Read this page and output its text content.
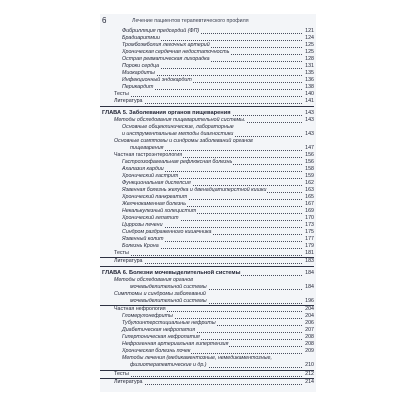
6	Лечение пациентов терапевтического профиля
Фибрилляция предсердий (ФП)	121
Брадиаритмии	124
Тромбоэмболия легочных артерий	125
Хроническая сердечная недостаточность	125
Острая ревматическая лихорадка	128
Пороки сердца	131
Миокардиты	135
Инфекционный эндокардит	136
Перикардит	138
Тесты	140
Литература	141
ГЛАВА 5. Заболевания органов пищеварения	143
Методы обследования пищеварительной системы.	143
Основные общеклинические, лабораторные
и инструментальные методы диагностики	143
Основные симптомы и синдромы заболеваний органов
пищеварения	147
Частная гастроэнтерология	156
Гастроэзофагеальная рефлюксная болезнь	156
Ахалазия кардии	158
Хронический гастрит	159
Функциональная диспепсия	162
Язвенная болезнь желудка и двенадцатиперстной кишки	163
Хронический панкреатит	165
Желчнокаменная болезнь	167
Некалькулезный холецистит	169
Хронический гепатит	170
Циррозы печени	173
Синдром раздраженного кишечника	175
Язвенный колит	177
Болезнь Крона	179
Тесты	181
Литература	183
ГЛАВА 6. Болезни мочевыделительной системы	184
Методы обследования органов
мочевыделительной системы	184
Симптомы и синдромы заболеваний
мочевыделительной системы	196
Частная нефрология	204
Гломерулонефриты	204
Тубулоинтерстициальные нефриты	206
Диабетическая нефропатия	207
Гипертоническая нефропатия	208
Нефрогенная артериальная гипертензия	208
Хроническая болезнь почек	209
Методы лечения (медикаментозные, немедикаментозные,
физиотерапевтические и др.)	210
Тесты	212
Литература	214
